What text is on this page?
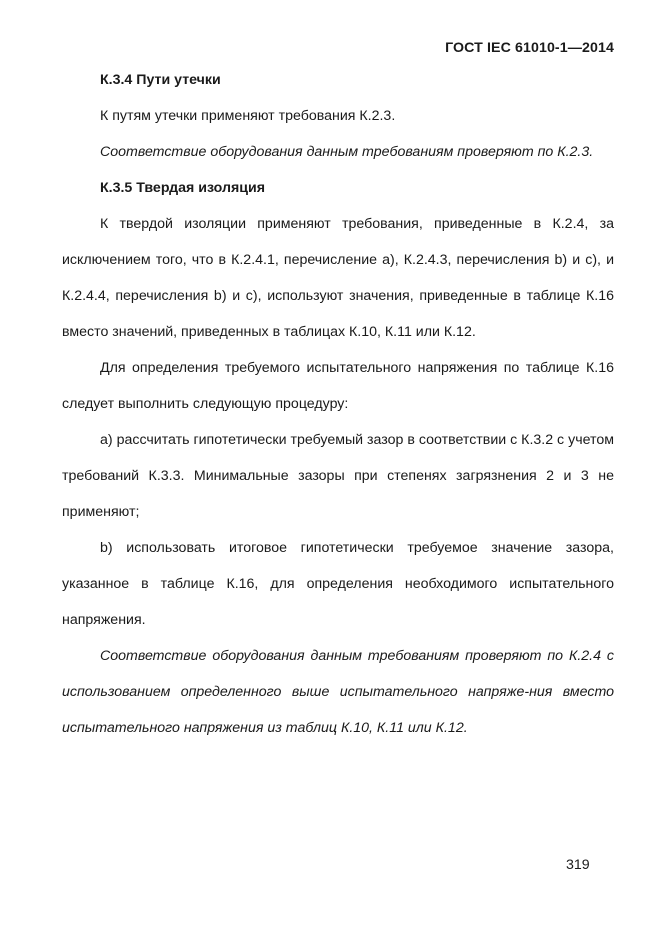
ГОСТ IEC 61010-1—2014

К.3.4 Пути утечки

К путям утечки применяют требования К.2.3.

Соответствие оборудования данным требованиям проверяют по К.2.3.

К.3.5 Твердая изоляция

К твердой изоляции применяют требования, приведенные в К.2.4, за исключением того, что в К.2.4.1, перечисление а), К.2.4.3, перечисления b) и с), и К.2.4.4, перечисления b) и с), используют значения, приведенные в таблице К.16 вместо значений, приведенных в таблицах К.10, К.11 или К.12.

Для определения требуемого испытательного напряжения по таблице К.16 следует выполнить следующую процедуру:

а) рассчитать гипотетически требуемый зазор в соответствии с К.3.2 с учетом требований К.3.3. Минимальные зазоры при степенях загрязнения 2 и 3 не применяют;

b) использовать итоговое гипотетически требуемое значение зазора, указанное в таблице К.16, для определения необходимого испытательного напряжения.

Соответствие оборудования данным требованиям проверяют по К.2.4 с использованием определенного выше испытательного напряже-ния вместо испытательного напряжения из таблиц К.10, К.11 или К.12.

319
